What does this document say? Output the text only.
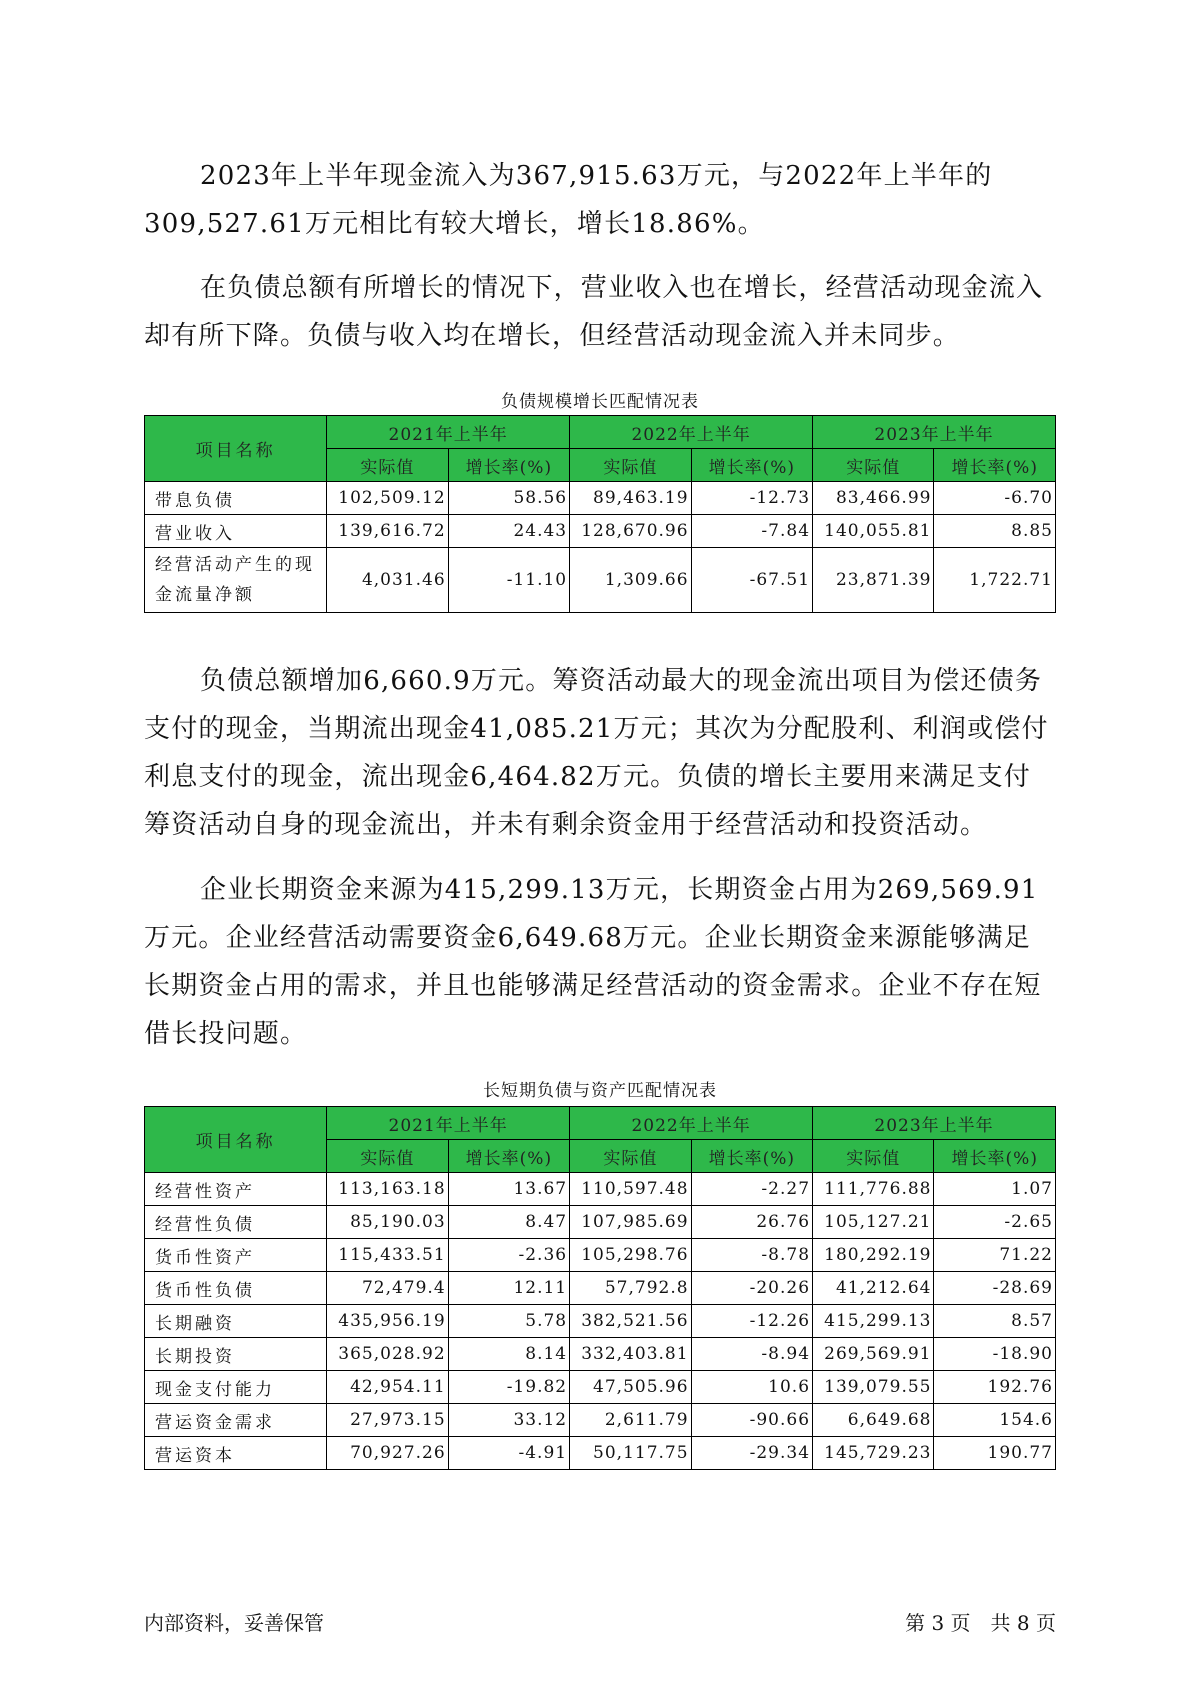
2023年上半年现金流入为367,915.63万元，与2022年上半年的309,527.61万元相比有较大增长，增长18.86%。

在负债总额有所增长的情况下，营业收入也在增长，经营活动现金流入却有所下降。负债与收入均在增长，但经营活动现金流入并未同步。

负债规模增长匹配情况表
项目名称	2021年上半年		2022年上半年		2023年上半年	
	实际值	增长率(%)	实际值	增长率(%)	实际值	增长率(%)
带息负债	102,509.12	58.56	89,463.19	-12.73	83,466.99	-6.70
营业收入	139,616.72	24.43	128,670.96	-7.84	140,055.81	8.85
经营活动产生的现金流量净额	4,031.46	-11.10	1,309.66	-67.51	23,871.39	1,722.71

负债总额增加6,660.9万元。筹资活动最大的现金流出项目为偿还债务支付的现金，当期流出现金41,085.21万元；其次为分配股利、利润或偿付利息支付的现金，流出现金6,464.82万元。负债的增长主要用来满足支付筹资活动自身的现金流出，并未有剩余资金用于经营活动和投资活动。

企业长期资金来源为415,299.13万元，长期资金占用为269,569.91万元。企业经营活动需要资金6,649.68万元。企业长期资金来源能够满足长期资金占用的需求，并且也能够满足经营活动的资金需求。企业不存在短借长投问题。

长短期负债与资产匹配情况表
项目名称	2021年上半年		2022年上半年		2023年上半年	
	实际值	增长率(%)	实际值	增长率(%)	实际值	增长率(%)
经营性资产	113,163.18	13.67	110,597.48	-2.27	111,776.88	1.07
经营性负债	85,190.03	8.47	107,985.69	26.76	105,127.21	-2.65
货币性资产	115,433.51	-2.36	105,298.76	-8.78	180,292.19	71.22
货币性负债	72,479.4	12.11	57,792.8	-20.26	41,212.64	-28.69
长期融资	435,956.19	5.78	382,521.56	-12.26	415,299.13	8.57
长期投资	365,028.92	8.14	332,403.81	-8.94	269,569.91	-18.90
现金支付能力	42,954.11	-19.82	47,505.96	10.6	139,079.55	192.76
营运资金需求	27,973.15	33.12	2,611.79	-90.66	6,649.68	154.6
营运资本	70,927.26	-4.91	50,117.75	-29.34	145,729.23	190.77
内部资料，妥善保管	第 3 页　共 8 页
